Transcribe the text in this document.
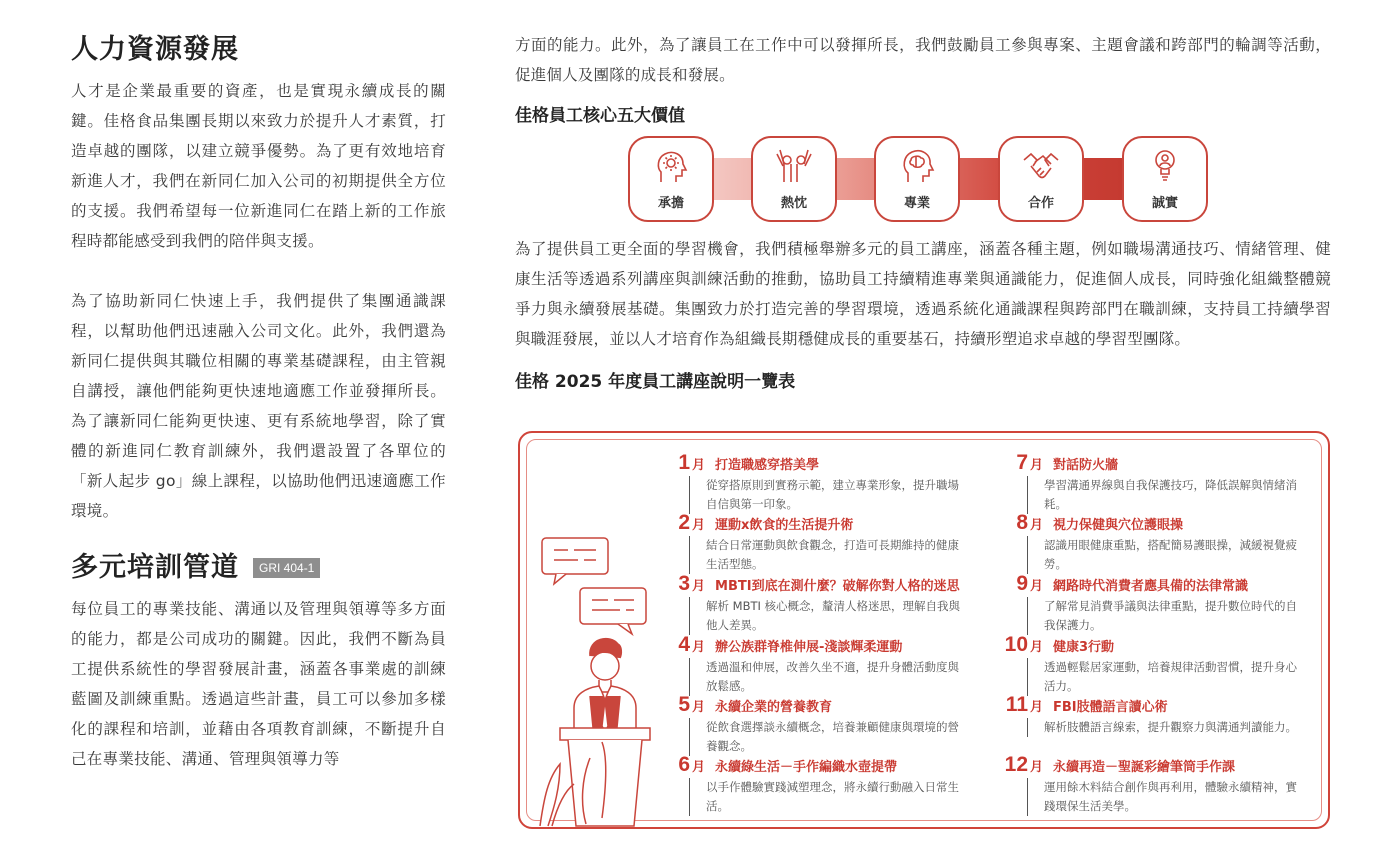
人力資源發展

人才是企業最重要的資產，也是實現永續成長的關鍵。佳格食品集團長期以來致力於提升人才素質，打造卓越的團隊，以建立競爭優勢。為了更有效地培育新進人才，我們在新同仁加入公司的初期提供全方位的支援。我們希望每一位新進同仁在踏上新的工作旅程時都能感受到我們的陪伴與支援。

為了協助新同仁快速上手，我們提供了集團通識課程，以幫助他們迅速融入公司文化。此外，我們還為新同仁提供與其職位相關的專業基礎課程，由主管親自講授，讓他們能夠更快速地適應工作並發揮所長。為了讓新同仁能夠更快速、更有系統地學習，除了實體的新進同仁教育訓練外，我們還設置了各單位的「新人起步 go」線上課程，以協助他們迅速適應工作環境。

多元培訓管道	GRI 404-1

每位員工的專業技能、溝通以及管理與領導等多方面的能力，都是公司成功的關鍵。因此，我們不斷為員工提供系統性的學習發展計畫，涵蓋各事業處的訓練藍圖及訓練重點。透過這些計畫，員工可以參加多樣化的課程和培訓，並藉由各項教育訓練，不斷提升自己在專業技能、溝通、管理與領導力等

方面的能力。此外，為了讓員工在工作中可以發揮所長，我們鼓勵員工參與專案、主題會議和跨部門的輪調等活動，促進個人及團隊的成長和發展。

佳格員工核心五大價值
承擔	熱忱	專業	合作	誠實

為了提供員工更全面的學習機會，我們積極舉辦多元的員工講座，涵蓋各種主題，例如職場溝通技巧、情緒管理、健康生活等透過系列講座與訓練活動的推動，協助員工持續精進專業與通識能力，促進個人成長，同時強化組織整體競爭力與永續發展基礎。集團致力於打造完善的學習環境，透過系統化通識課程與跨部門在職訓練，支持員工持續學習與職涯發展，並以人才培育作為組織長期穩健成長的重要基石，持續形塑追求卓越的學習型團隊。

佳格 2025 年度員工講座說明一覽表
1 月 打造職感穿搭美學
從穿搭原則到實務示範，建立專業形象，提升職場自信與第一印象。
2 月 運動x飲食的生活提升術
結合日常運動與飲食觀念，打造可長期維持的健康生活型態。
3 月 MBTI到底在測什麼？破解你對人格的迷思
解析 MBTI 核心概念，釐清人格迷思，理解自我與他人差異。
4 月 辦公族群脊椎伸展-淺談輝柔運動
透過溫和伸展，改善久坐不適，提升身體活動度與放鬆感。
5 月 永續企業的營養教育
從飲食選擇談永續概念，培養兼顧健康與環境的營養觀念。
6 月 永續綠生活－手作編織水壺提帶
以手作體驗實踐減塑理念，將永續行動融入日常生活。
7 月 對話防火牆
學習溝通界線與自我保護技巧，降低誤解與情緒消耗。
8 月 視力保健與穴位護眼操
認識用眼健康重點，搭配簡易護眼操，減緩視覺疲勞。
9 月 網路時代消費者應具備的法律常識
了解常見消費爭議與法律重點，提升數位時代的自我保護力。
10 月 健康3行動
透過輕鬆居家運動，培養規律活動習慣，提升身心活力。
11 月 FBI肢體語言讀心術
解析肢體語言線索，提升觀察力與溝通判讀能力。
12 月 永續再造－聖誕彩繪筆筒手作課
運用餘木料結合創作與再利用，體驗永續精神，實踐環保生活美學。
